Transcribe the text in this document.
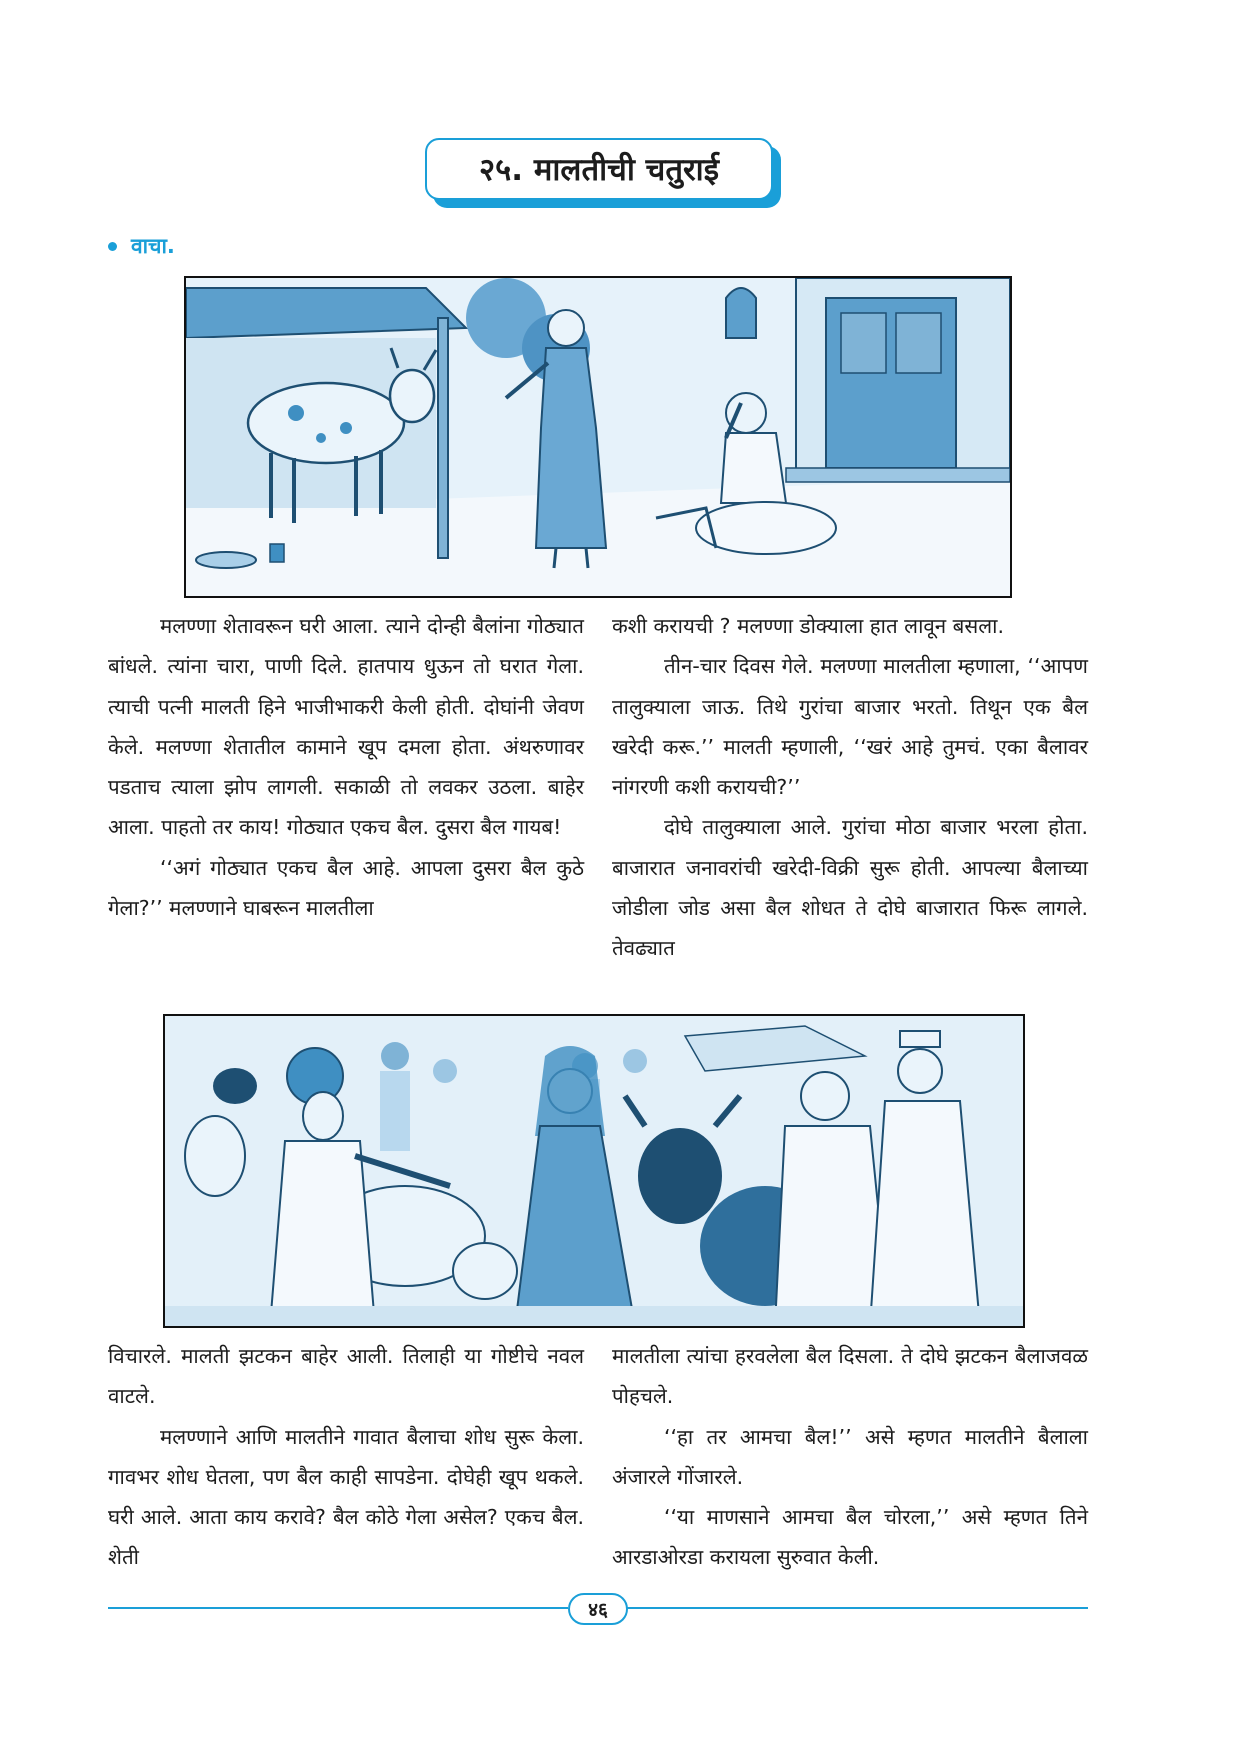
२५. मालतीची चतुराई
वाचा.

मलण्णा शेतावरून घरी आला. त्याने दोन्ही बैलांना गोठ्यात बांधले. त्यांना चारा, पाणी दिले. हातपाय धुऊन तो घरात गेला. त्याची पत्नी मालती हिने भाजीभाकरी केली होती. दोघांनी जेवण केले. मलण्णा शेतातील कामाने खूप दमला होता. अंथरुणावर पडताच त्याला झोप लागली. सकाळी तो लवकर उठला. बाहेर आला. पाहतो तर काय! गोठ्यात एकच बैल. दुसरा बैल गायब!

‘‘अगं गोठ्यात एकच बैल आहे. आपला दुसरा बैल कुठे गेला?’’ मलण्णाने घाबरून मालतीला

कशी करायची ? मलण्णा डोक्याला हात लावून बसला.

तीन-चार दिवस गेले. मलण्णा मालतीला म्हणाला, ‘‘आपण तालुक्याला जाऊ. तिथे गुरांचा बाजार भरतो. तिथून एक बैल खरेदी करू.’’ मालती म्हणाली, ‘‘खरं आहे तुमचं. एका बैलावर नांगरणी कशी करायची?’’

दोघे तालुक्याला आले. गुरांचा मोठा बाजार भरला होता. बाजारात जनावरांची खरेदी-विक्री सुरू होती. आपल्या बैलाच्या जोडीला जोड असा बैल शोधत ते दोघे बाजारात फिरू लागले. तेवढ्यात

विचारले. मालती झटकन बाहेर आली. तिलाही या गोष्टीचे नवल वाटले.

मलण्णाने आणि मालतीने गावात बैलाचा शोध सुरू केला. गावभर शोध घेतला, पण बैल काही सापडेना. दोघेही खूप थकले. घरी आले. आता काय करावे? बैल कोठे गेला असेल? एकच बैल. शेती

मालतीला त्यांचा हरवलेला बैल दिसला. ते दोघे झटकन बैलाजवळ पोहचले.

‘‘हा तर आमचा बैल!’’ असे म्हणत मालतीने बैलाला अंजारले गोंजारले.

‘‘या माणसाने आमचा बैल चोरला,’’ असे म्हणत तिने आरडाओरडा करायला सुरुवात केली.

४६
